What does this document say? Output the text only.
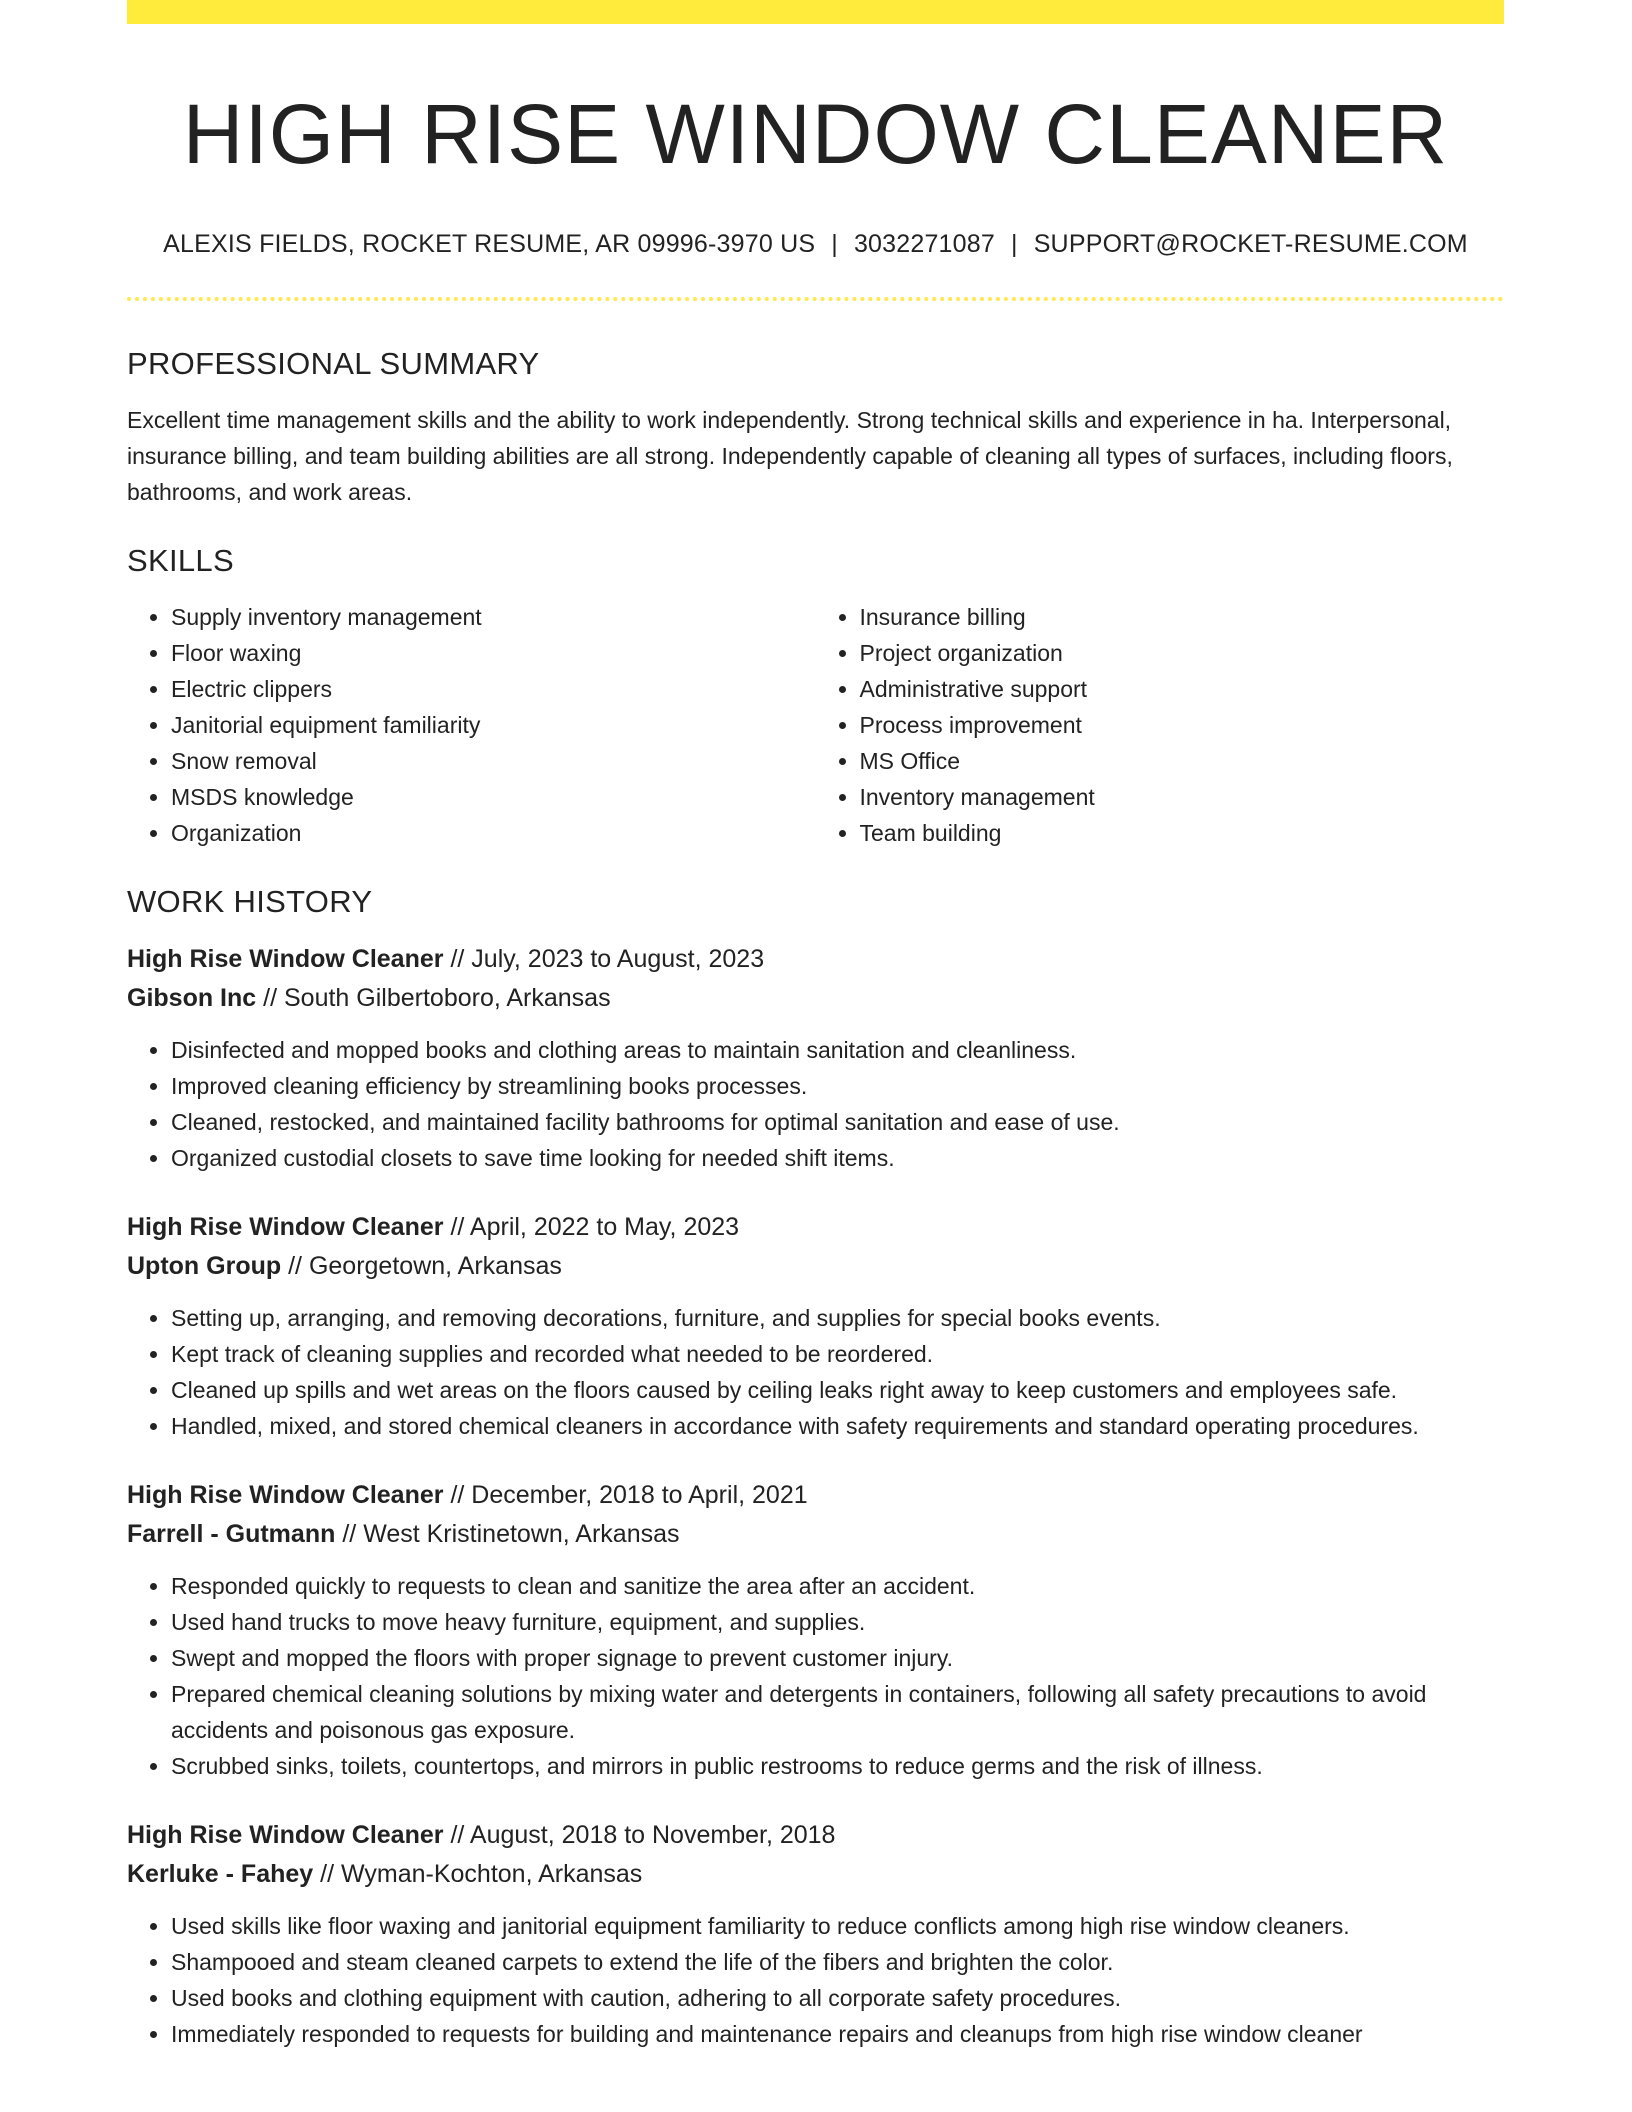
HIGH RISE WINDOW CLEANER
ALEXIS FIELDS, ROCKET RESUME, AR 09996-3970 US | 3032271087 | SUPPORT@ROCKET-RESUME.COM
PROFESSIONAL SUMMARY
Excellent time management skills and the ability to work independently. Strong technical skills and experience in ha. Interpersonal, insurance billing, and team building abilities are all strong. Independently capable of cleaning all types of surfaces, including floors, bathrooms, and work areas.
SKILLS
• Supply inventory management
• Floor waxing
• Electric clippers
• Janitorial equipment familiarity
• Snow removal
• MSDS knowledge
• Organization
• Insurance billing
• Project organization
• Administrative support
• Process improvement
• MS Office
• Inventory management
• Team building
WORK HISTORY
High Rise Window Cleaner // July, 2023 to August, 2023
Gibson Inc // South Gilbertoboro, Arkansas
• Disinfected and mopped books and clothing areas to maintain sanitation and cleanliness.
• Improved cleaning efficiency by streamlining books processes.
• Cleaned, restocked, and maintained facility bathrooms for optimal sanitation and ease of use.
• Organized custodial closets to save time looking for needed shift items.
High Rise Window Cleaner // April, 2022 to May, 2023
Upton Group // Georgetown, Arkansas
• Setting up, arranging, and removing decorations, furniture, and supplies for special books events.
• Kept track of cleaning supplies and recorded what needed to be reordered.
• Cleaned up spills and wet areas on the floors caused by ceiling leaks right away to keep customers and employees safe.
• Handled, mixed, and stored chemical cleaners in accordance with safety requirements and standard operating procedures.
High Rise Window Cleaner // December, 2018 to April, 2021
Farrell - Gutmann // West Kristinetown, Arkansas
• Responded quickly to requests to clean and sanitize the area after an accident.
• Used hand trucks to move heavy furniture, equipment, and supplies.
• Swept and mopped the floors with proper signage to prevent customer injury.
• Prepared chemical cleaning solutions by mixing water and detergents in containers, following all safety precautions to avoid accidents and poisonous gas exposure.
• Scrubbed sinks, toilets, countertops, and mirrors in public restrooms to reduce germs and the risk of illness.
High Rise Window Cleaner // August, 2018 to November, 2018
Kerluke - Fahey // Wyman-Kochton, Arkansas
• Used skills like floor waxing and janitorial equipment familiarity to reduce conflicts among high rise window cleaners.
• Shampooed and steam cleaned carpets to extend the life of the fibers and brighten the color.
• Used books and clothing equipment with caution, adhering to all corporate safety procedures.
• Immediately responded to requests for building and maintenance repairs and cleanups from high rise window cleaner
